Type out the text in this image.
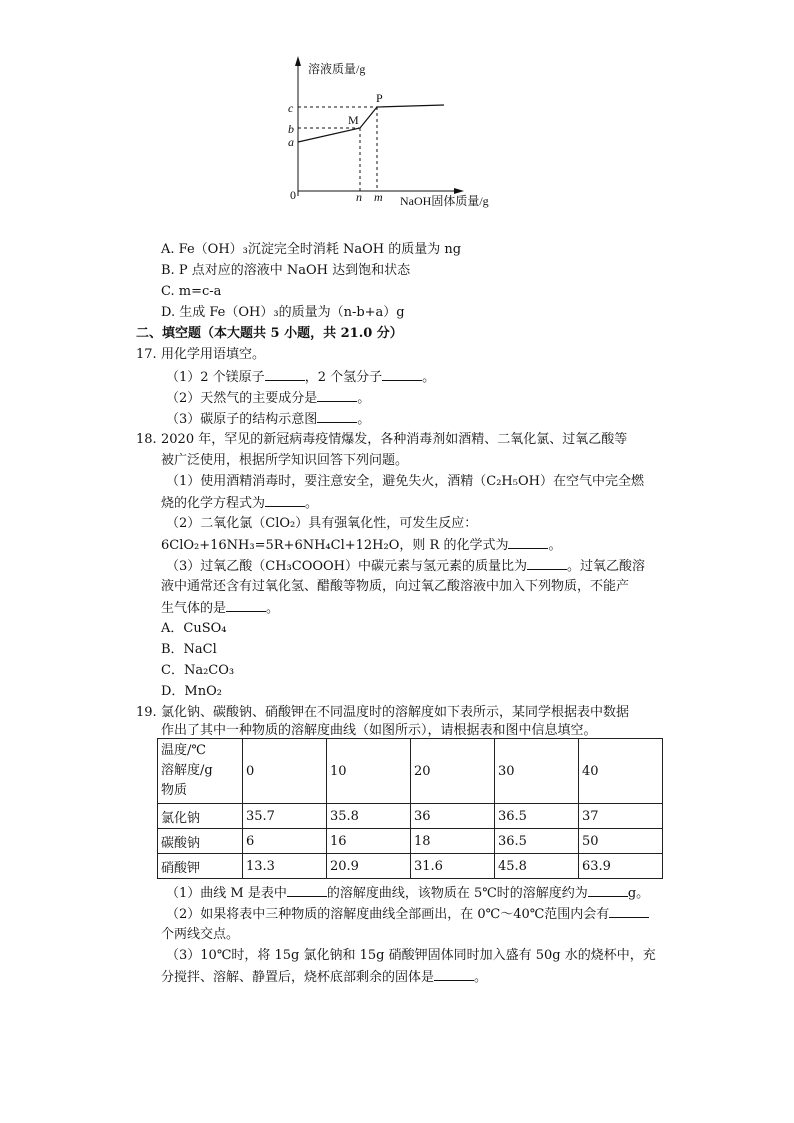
溶液质量/g
NaOH固体质量/g
0
c
b
a
n m
P
M
A. Fe（OH）₃沉淀完全时消耗 NaOH 的质量为 ng
B. P 点对应的溶液中 NaOH 达到饱和状态
C. m=c-a
D. 生成 Fe（OH）₃的质量为（n-b+a）g
二、填空题（本大题共 5 小题，共 21.0 分）
17. 用化学用语填空。
（1）2 个镁原子	，2 个氢分子	。
（2）天然气的主要成分是	。
（3）碳原子的结构示意图	。
18. 2020 年，罕见的新冠病毒疫情爆发，各种消毒剂如酒精、二氧化氯、过氧乙酸等
被广泛使用，根据所学知识回答下列问题。
（1）使用酒精消毒时，要注意安全，避免失火，酒精（C₂H₅OH）在空气中完全燃
烧的化学方程式为	。
（2）二氧化氯（ClO₂）具有强氧化性，可发生反应：
6ClO₂+16NH₃=5R+6NH₄Cl+12H₂O，则 R 的化学式为	。
（3）过氧乙酸（CH₃COOOH）中碳元素与氢元素的质量比为	。过氧乙酸溶
液中通常还含有过氧化氢、醋酸等物质，向过氧乙酸溶液中加入下列物质，不能产
生气体的是	。
A．CuSO₄
B．NaCl
C．Na₂CO₃
D．MnO₂
19. 氯化钠、碳酸钠、硝酸钾在不同温度时的溶解度如下表所示，某同学根据表中数据
作出了其中一种物质的溶解度曲线（如图所示），请根据表和图中信息填空。
温度/℃
溶解度/g
物质	0	10	20	30	40
氯化钠	35.7	35.8	36	36.5	37
碳酸钠	6	16	18	36.5	50
硝酸钾	13.3	20.9	31.6	45.8	63.9
（1）曲线 M 是表中	的溶解度曲线，该物质在 5℃时的溶解度约为	g。
（2）如果将表中三种物质的溶解度曲线全部画出，在 0℃～40℃范围内会有
个两线交点。
（3）10℃时，将 15g 氯化钠和 15g 硝酸钾固体同时加入盛有 50g 水的烧杯中，充
分搅拌、溶解、静置后，烧杯底部剩余的固体是	。
